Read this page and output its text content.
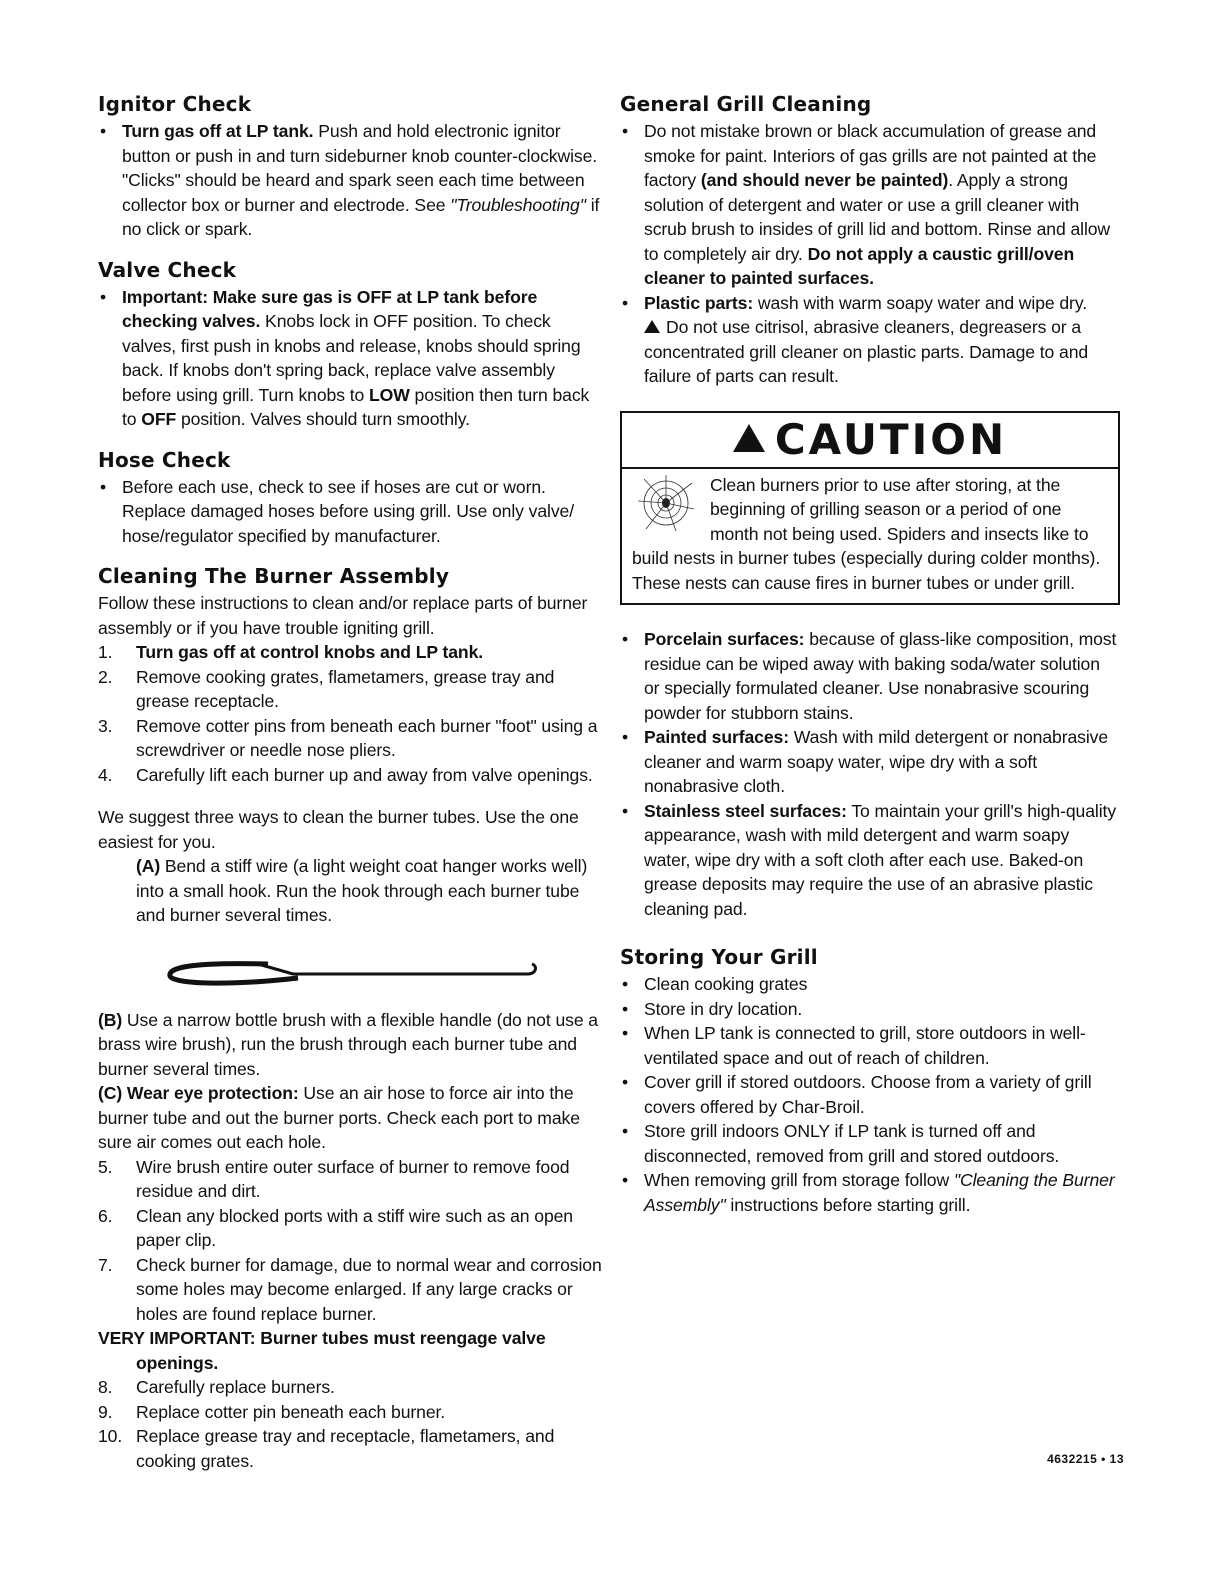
Ignitor Check
• Turn gas off at LP tank. Push and hold electronic ignitor button or push in and turn sideburner knob counter-clockwise. "Clicks" should be heard and spark seen each time between collector box or burner and electrode. See "Troubleshooting" if no click or spark.
Valve Check
• Important: Make sure gas is OFF at LP tank before checking valves. Knobs lock in OFF position. To check valves, first push in knobs and release, knobs should spring back. If knobs don't spring back, replace valve assembly before using grill. Turn knobs to LOW position then turn back to OFF position. Valves should turn smoothly.
Hose Check
• Before each use, check to see if hoses are cut or worn. Replace damaged hoses before using grill. Use only valve/ hose/regulator specified by manufacturer.
Cleaning The Burner Assembly

Follow these instructions to clean and/or replace parts of burner assembly or if you have trouble igniting grill.

1.	Turn gas off at control knobs and LP tank.
2.	Remove cooking grates, flametamers, grease tray and grease receptacle.
3.	Remove cotter pins from beneath each burner "foot" using a screwdriver or needle nose pliers.
4.	Carefully lift each burner up and away from valve openings.

We suggest three ways to clean the burner tubes. Use the one easiest for you.

(A) Bend a stiff wire (a light weight coat hanger works well) into a small hook. Run the hook through each burner tube and burner several times.

(B) Use a narrow bottle brush with a flexible handle (do not use a brass wire brush), run the brush through each burner tube and burner several times.

(C) Wear eye protection: Use an air hose to force air into the burner tube and out the burner ports. Check each port to make sure air comes out each hole.

5.	Wire brush entire outer surface of burner to remove food residue and dirt.
6.	Clean any blocked ports with a stiff wire such as an open paper clip.
7.	Check burner for damage, due to normal wear and corrosion some holes may become enlarged. If any large cracks or holes are found replace burner.

VERY IMPORTANT: Burner tubes must reengage valve openings.

8.	Carefully replace burners.
9.	Replace cotter pin beneath each burner.
10. Replace grease tray and receptacle, flametamers, and cooking grates.
General Grill Cleaning
• Do not mistake brown or black accumulation of grease and smoke for paint. Interiors of gas grills are not painted at the factory (and should never be painted). Apply a strong solution of detergent and water or use a grill cleaner with scrub brush to insides of grill lid and bottom. Rinse and allow to completely air dry. Do not apply a caustic grill/oven cleaner to painted surfaces.
• Plastic parts: wash with warm soapy water and wipe dry.
Do not use citrisol, abrasive cleaners, degreasers or a concentrated grill cleaner on plastic parts. Damage to and failure of parts can result.
CAUTION

Clean burners prior to use after storing, at the beginning of grilling season or a period of one month not being used. Spiders and insects like to build nests in burner tubes (especially during colder months). These nests can cause fires in burner tubes or under grill.

• Porcelain surfaces: because of glass-like composition, most residue can be wiped away with baking soda/water solution or specially formulated cleaner. Use nonabrasive scouring powder for stubborn stains.
• Painted surfaces: Wash with mild detergent or nonabrasive cleaner and warm soapy water, wipe dry with a soft nonabrasive cloth.
• Stainless steel surfaces: To maintain your grill's high-quality appearance, wash with mild detergent and warm soapy water, wipe dry with a soft cloth after each use. Baked-on grease deposits may require the use of an abrasive plastic cleaning pad.
Storing Your Grill
• Clean cooking grates
• Store in dry location.
• When LP tank is connected to grill, store outdoors in well-ventilated space and out of reach of children.
• Cover grill if stored outdoors. Choose from a variety of grill covers offered by Char-Broil.
• Store grill indoors ONLY if LP tank is turned off and disconnected, removed from grill and stored outdoors.
• When removing grill from storage follow "Cleaning the Burner Assembly" instructions before starting grill.
4632215 • 13
